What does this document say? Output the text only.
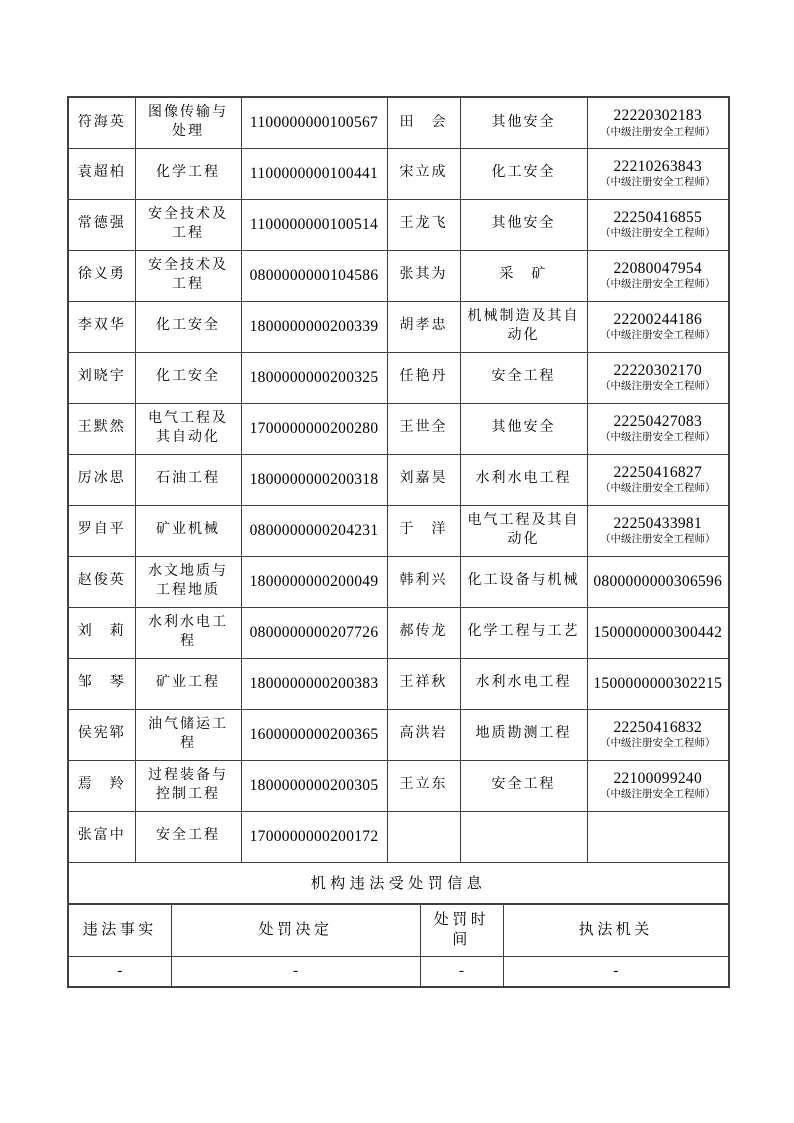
符海英	图像传输与处理	1100000000100567	田　会	其他安全	22220302183
（中级注册安全工程师）

袁超柏	化学工程	1100000000100441	宋立成	化工安全	22210263843
（中级注册安全工程师）

常德强	安全技术及工程	1100000000100514	王龙飞	其他安全	22250416855
（中级注册安全工程师）

徐义勇	安全技术及工程	0800000000104586	张其为	采　矿	22080047954
（中级注册安全工程师）

李双华	化工安全	1800000000200339	胡孝忠	机械制造及其自动化	22200244186
（中级注册安全工程师）

刘晓宇	化工安全	1800000000200325	任艳丹	安全工程	22220302170
（中级注册安全工程师）

王默然	电气工程及其自动化	1700000000200280	王世全	其他安全	22250427083
（中级注册安全工程师）

厉冰思	石油工程	1800000000200318	刘嘉昊	水利水电工程	22250416827
（中级注册安全工程师）

罗自平	矿业机械	0800000000204231	于　洋	电气工程及其自动化	22250433981
（中级注册安全工程师）

赵俊英	水文地质与工程地质	1800000000200049	韩利兴	化工设备与机械	0800000000306596

刘　莉	水利水电工程	0800000000207726	郝传龙	化学工程与工艺	1500000000300442

邹　琴	矿业工程	1800000000200383	王祥秋	水利水电工程	1500000000302215

侯宪郓	油气储运工程	1600000000200365	高洪岩	地质勘测工程	22250416832
（中级注册安全工程师）

焉　羚	过程装备与控制工程	1800000000200305	王立东	安全工程	22100099240
（中级注册安全工程师）

张富中	安全工程	1700000000200172			

机构违法受处罚信息					
违法事实	处罚决定	处罚时间	执法机关
-	-	-	-
